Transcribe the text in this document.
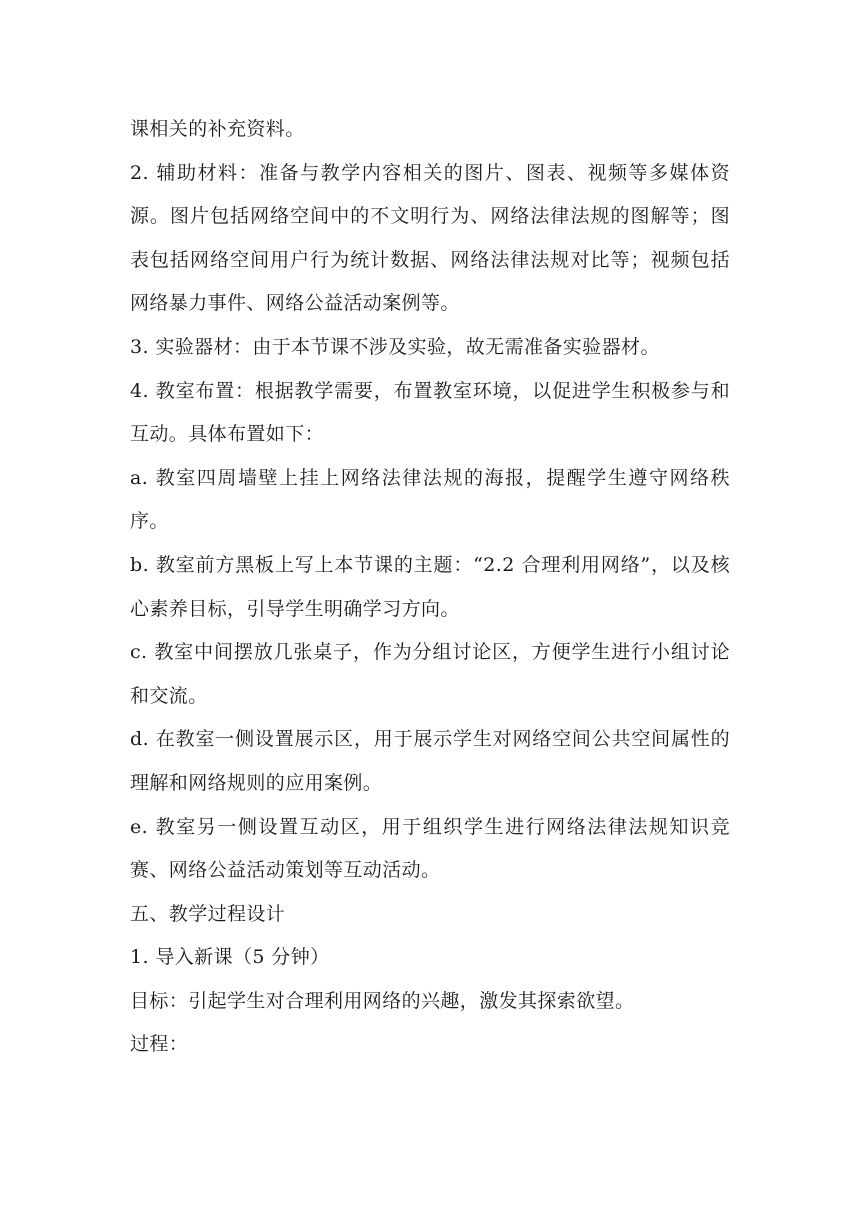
课相关的补充资料。

2. 辅助材料：准备与教学内容相关的图片、图表、视频等多媒体资源。图片包括网络空间中的不文明行为、网络法律法规的图解等；图表包括网络空间用户行为统计数据、网络法律法规对比等；视频包括网络暴力事件、网络公益活动案例等。

3. 实验器材：由于本节课不涉及实验，故无需准备实验器材。

4. 教室布置：根据教学需要，布置教室环境，以促进学生积极参与和互动。具体布置如下：

a. 教室四周墙壁上挂上网络法律法规的海报，提醒学生遵守网络秩序。

b. 教室前方黑板上写上本节课的主题：“2.2 合理利用网络”，以及核心素养目标，引导学生明确学习方向。

c. 教室中间摆放几张桌子，作为分组讨论区，方便学生进行小组讨论和交流。

d. 在教室一侧设置展示区，用于展示学生对网络空间公共空间属性的理解和网络规则的应用案例。

e. 教室另一侧设置互动区，用于组织学生进行网络法律法规知识竞赛、网络公益活动策划等互动活动。

五、教学过程设计

1. 导入新课（5 分钟）

目标：引起学生对合理利用网络的兴趣，激发其探索欲望。

过程：
